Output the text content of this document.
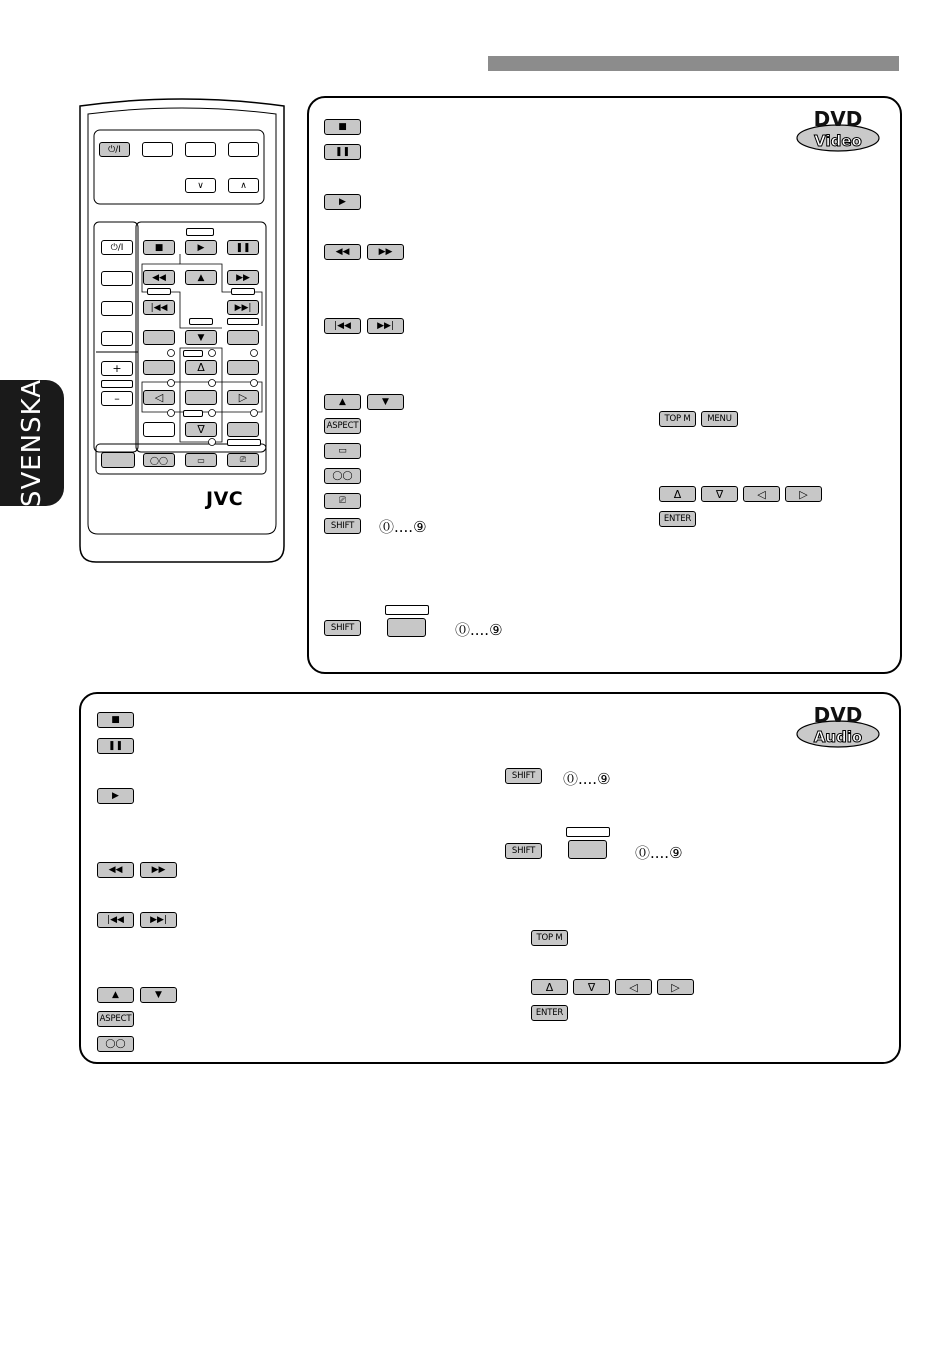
SVENSKA
⏻/I
∨	∧
⏻/I
+
–
■	▶	❚❚
◀◀	▲	▶▶
|◀◀	▶▶|
▼
Δ
◁	▷
∇
◯◯	▭	⎚
JVC
DVD
Video
■
❚❚
▶
◀◀	▶▶
|◀◀	▶▶|
▲	▼
ASPECT
▭
◯◯
⎚
SHIFT	⓪....⑨
SHIFT	⓪....⑨
TOP M	MENU
Δ	∇	◁	▷
ENTER
DVD
Audio
■
❚❚
▶
◀◀	▶▶
|◀◀	▶▶|
▲	▼
ASPECT
◯◯
SHIFT	⓪....⑨
SHIFT	⓪....⑨
TOP M
Δ	∇	◁	▷
ENTER
